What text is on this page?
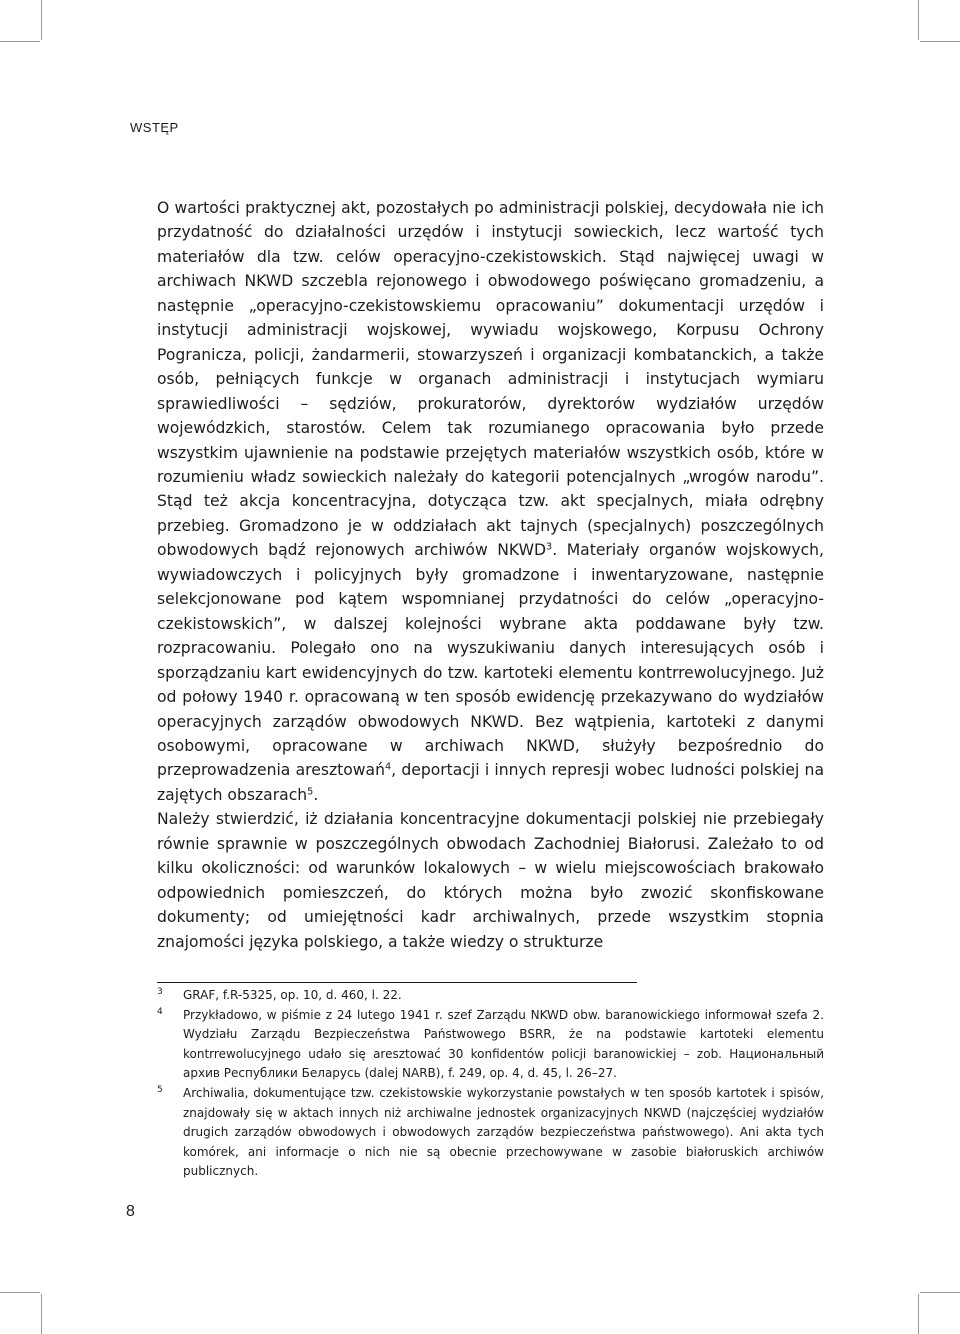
WSTĘP

O wartości praktycznej akt, pozostałych po administracji polskiej, decydowała nie ich przydatność do działalności urzędów i instytucji sowieckich, lecz wartość tych materiałów dla tzw. celów operacyjno-czekistowskich. Stąd najwięcej uwagi w archiwach NKWD szczebla rejonowego i obwodowego poświęcano gromadzeniu, a następnie „operacyjno-czekistowskiemu opracowaniu” dokumentacji urzędów i instytucji administracji wojskowej, wywiadu wojskowego, Korpusu Ochrony Pogranicza, policji, żandarmerii, stowarzyszeń i organizacji kombatanckich, a także osób, pełniących funkcje w organach administracji i instytucjach wymiaru sprawiedliwości – sędziów, prokuratorów, dyrektorów wydziałów urzędów wojewódzkich, starostów. Celem tak rozumianego opracowania było przede wszystkim ujawnienie na podstawie przejętych materiałów wszystkich osób, które w rozumieniu władz sowieckich należały do kategorii potencjalnych „wrogów narodu”. Stąd też akcja koncentracyjna, dotycząca tzw. akt specjalnych, miała odrębny przebieg. Gromadzono je w oddziałach akt tajnych (specjalnych) poszczególnych obwodowych bądź rejonowych archiwów NKWD$^3$. Materiały organów wojskowych, wywiadowczych i policyjnych były gromadzone i inwentaryzowane, następnie selekcjonowane pod kątem wspomnianej przydatności do celów „operacyjno-czekistowskich”, w dalszej kolejności wybrane akta poddawane były tzw. rozpracowaniu. Polegało ono na wyszukiwaniu danych interesujących osób i sporządzaniu kart ewidencyjnych do tzw. kartoteki elementu kontrrewolucyjnego. Już od połowy 1940 r. opracowaną w ten sposób ewidencję przekazywano do wydziałów operacyjnych zarządów obwodowych NKWD. Bez wątpienia, kartoteki z danymi osobowymi, opracowane w archiwach NKWD, służyły bezpośrednio do przeprowadzenia aresztowań$^4$, deportacji i innych represji wobec ludności polskiej na zajętych obszarach$^5$.

Należy stwierdzić, iż działania koncentracyjne dokumentacji polskiej nie przebiegały równie sprawnie w poszczególnych obwodach Zachodniej Białorusi. Zależało to od kilku okoliczności: od warunków lokalowych – w wielu miejscowościach brakowało odpowiednich pomieszczeń, do których można było zwozić skonfiskowane dokumenty; od umiejętności kadr archiwalnych, przede wszystkim stopnia znajomości języka polskiego, a także wiedzy o strukturze

3 GRAF, f.R-5325, op. 10, d. 460, l. 22.
4 Przykładowo, w piśmie z 24 lutego 1941 r. szef Zarządu NKWD obw. baranowickiego informował szefa 2. Wydziału Zarządu Bezpieczeństwa Państwowego BSRR, że na podstawie kartoteki elementu kontrrewolucyjnego udało się aresztować 30 konfidentów policji baranowickiej – zob. Национальный архив Республики Беларусь (dalej NARB), f. 249, op. 4, d. 45, l. 26–27.
5 Archiwalia, dokumentujące tzw. czekistowskie wykorzystanie powstałych w ten sposób kartotek i spisów, znajdowały się w aktach innych niż archiwalne jednostek organizacyjnych NKWD (najczęściej wydziałów drugich zarządów obwodowych i obwodowych zarządów bezpieczeństwa państwowego). Ani akta tych komórek, ani informacje o nich nie są obecnie przechowywane w zasobie białoruskich archiwów publicznych.
8
